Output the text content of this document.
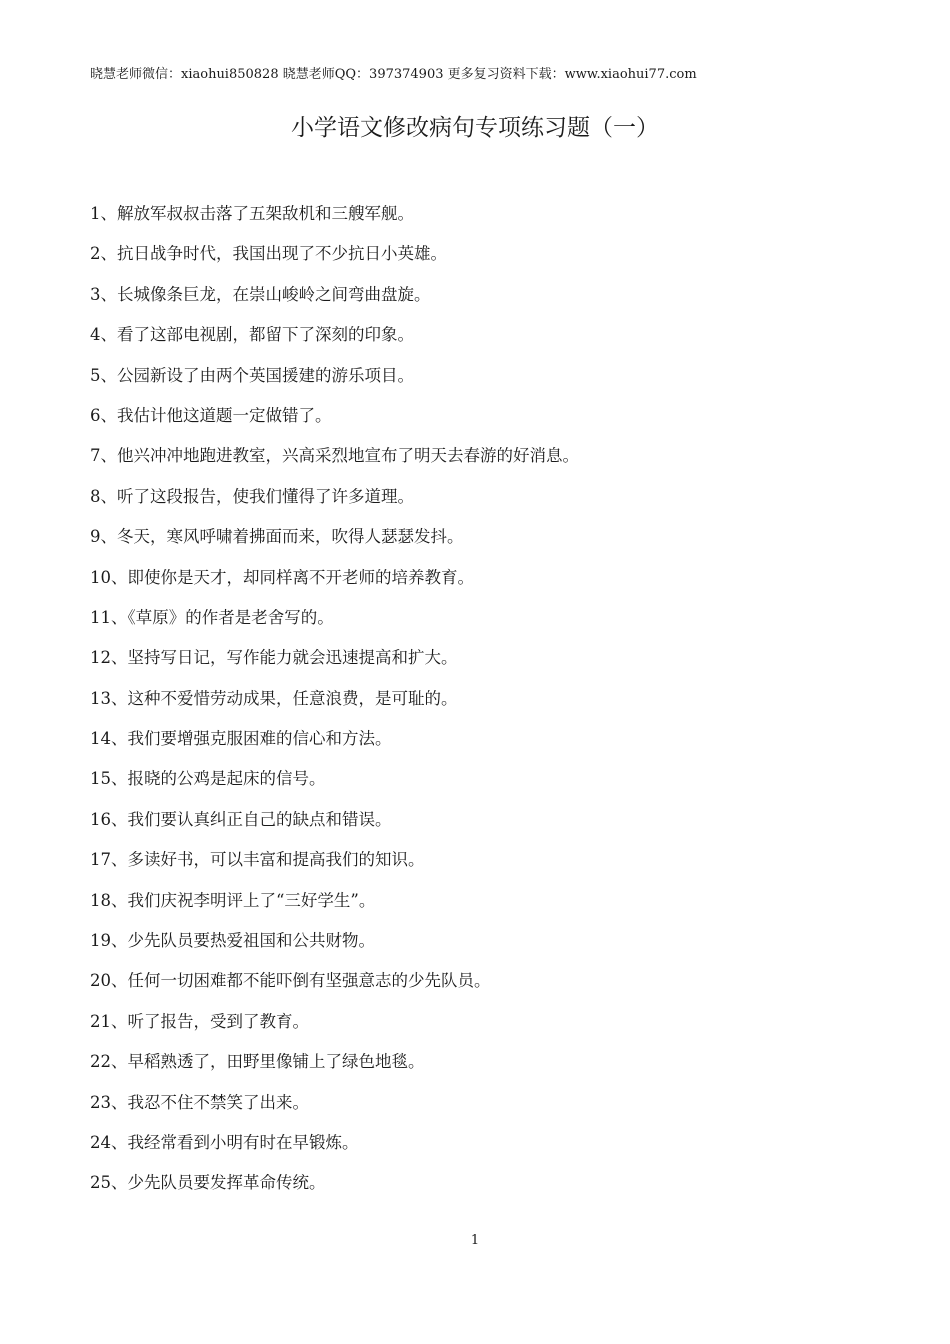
晓慧老师微信：xiaohui850828 晓慧老师QQ：397374903 更多复习资料下载：www.xiaohui77.com
小学语文修改病句专项练习题（一）
1、解放军叔叔击落了五架敌机和三艘军舰。
2、抗日战争时代，我国出现了不少抗日小英雄。
3、长城像条巨龙，在崇山峻岭之间弯曲盘旋。
4、看了这部电视剧，都留下了深刻的印象。
5、公园新设了由两个英国援建的游乐项目。
6、我估计他这道题一定做错了。
7、他兴冲冲地跑进教室，兴高采烈地宣布了明天去春游的好消息。
8、听了这段报告，使我们懂得了许多道理。
9、冬天，寒风呼啸着拂面而来，吹得人瑟瑟发抖。
10、即使你是天才，却同样离不开老师的培养教育。
11、《草原》的作者是老舍写的。
12、坚持写日记，写作能力就会迅速提高和扩大。
13、这种不爱惜劳动成果，任意浪费，是可耻的。
14、我们要增强克服困难的信心和方法。
15、报晓的公鸡是起床的信号。
16、我们要认真纠正自己的缺点和错误。
17、多读好书，可以丰富和提高我们的知识。
18、我们庆祝李明评上了“三好学生”。
19、少先队员要热爱祖国和公共财物。
20、任何一切困难都不能吓倒有坚强意志的少先队员。
21、听了报告，受到了教育。
22、早稻熟透了，田野里像铺上了绿色地毯。
23、我忍不住不禁笑了出来。
24、我经常看到小明有时在早锻炼。
25、少先队员要发挥革命传统。
1
